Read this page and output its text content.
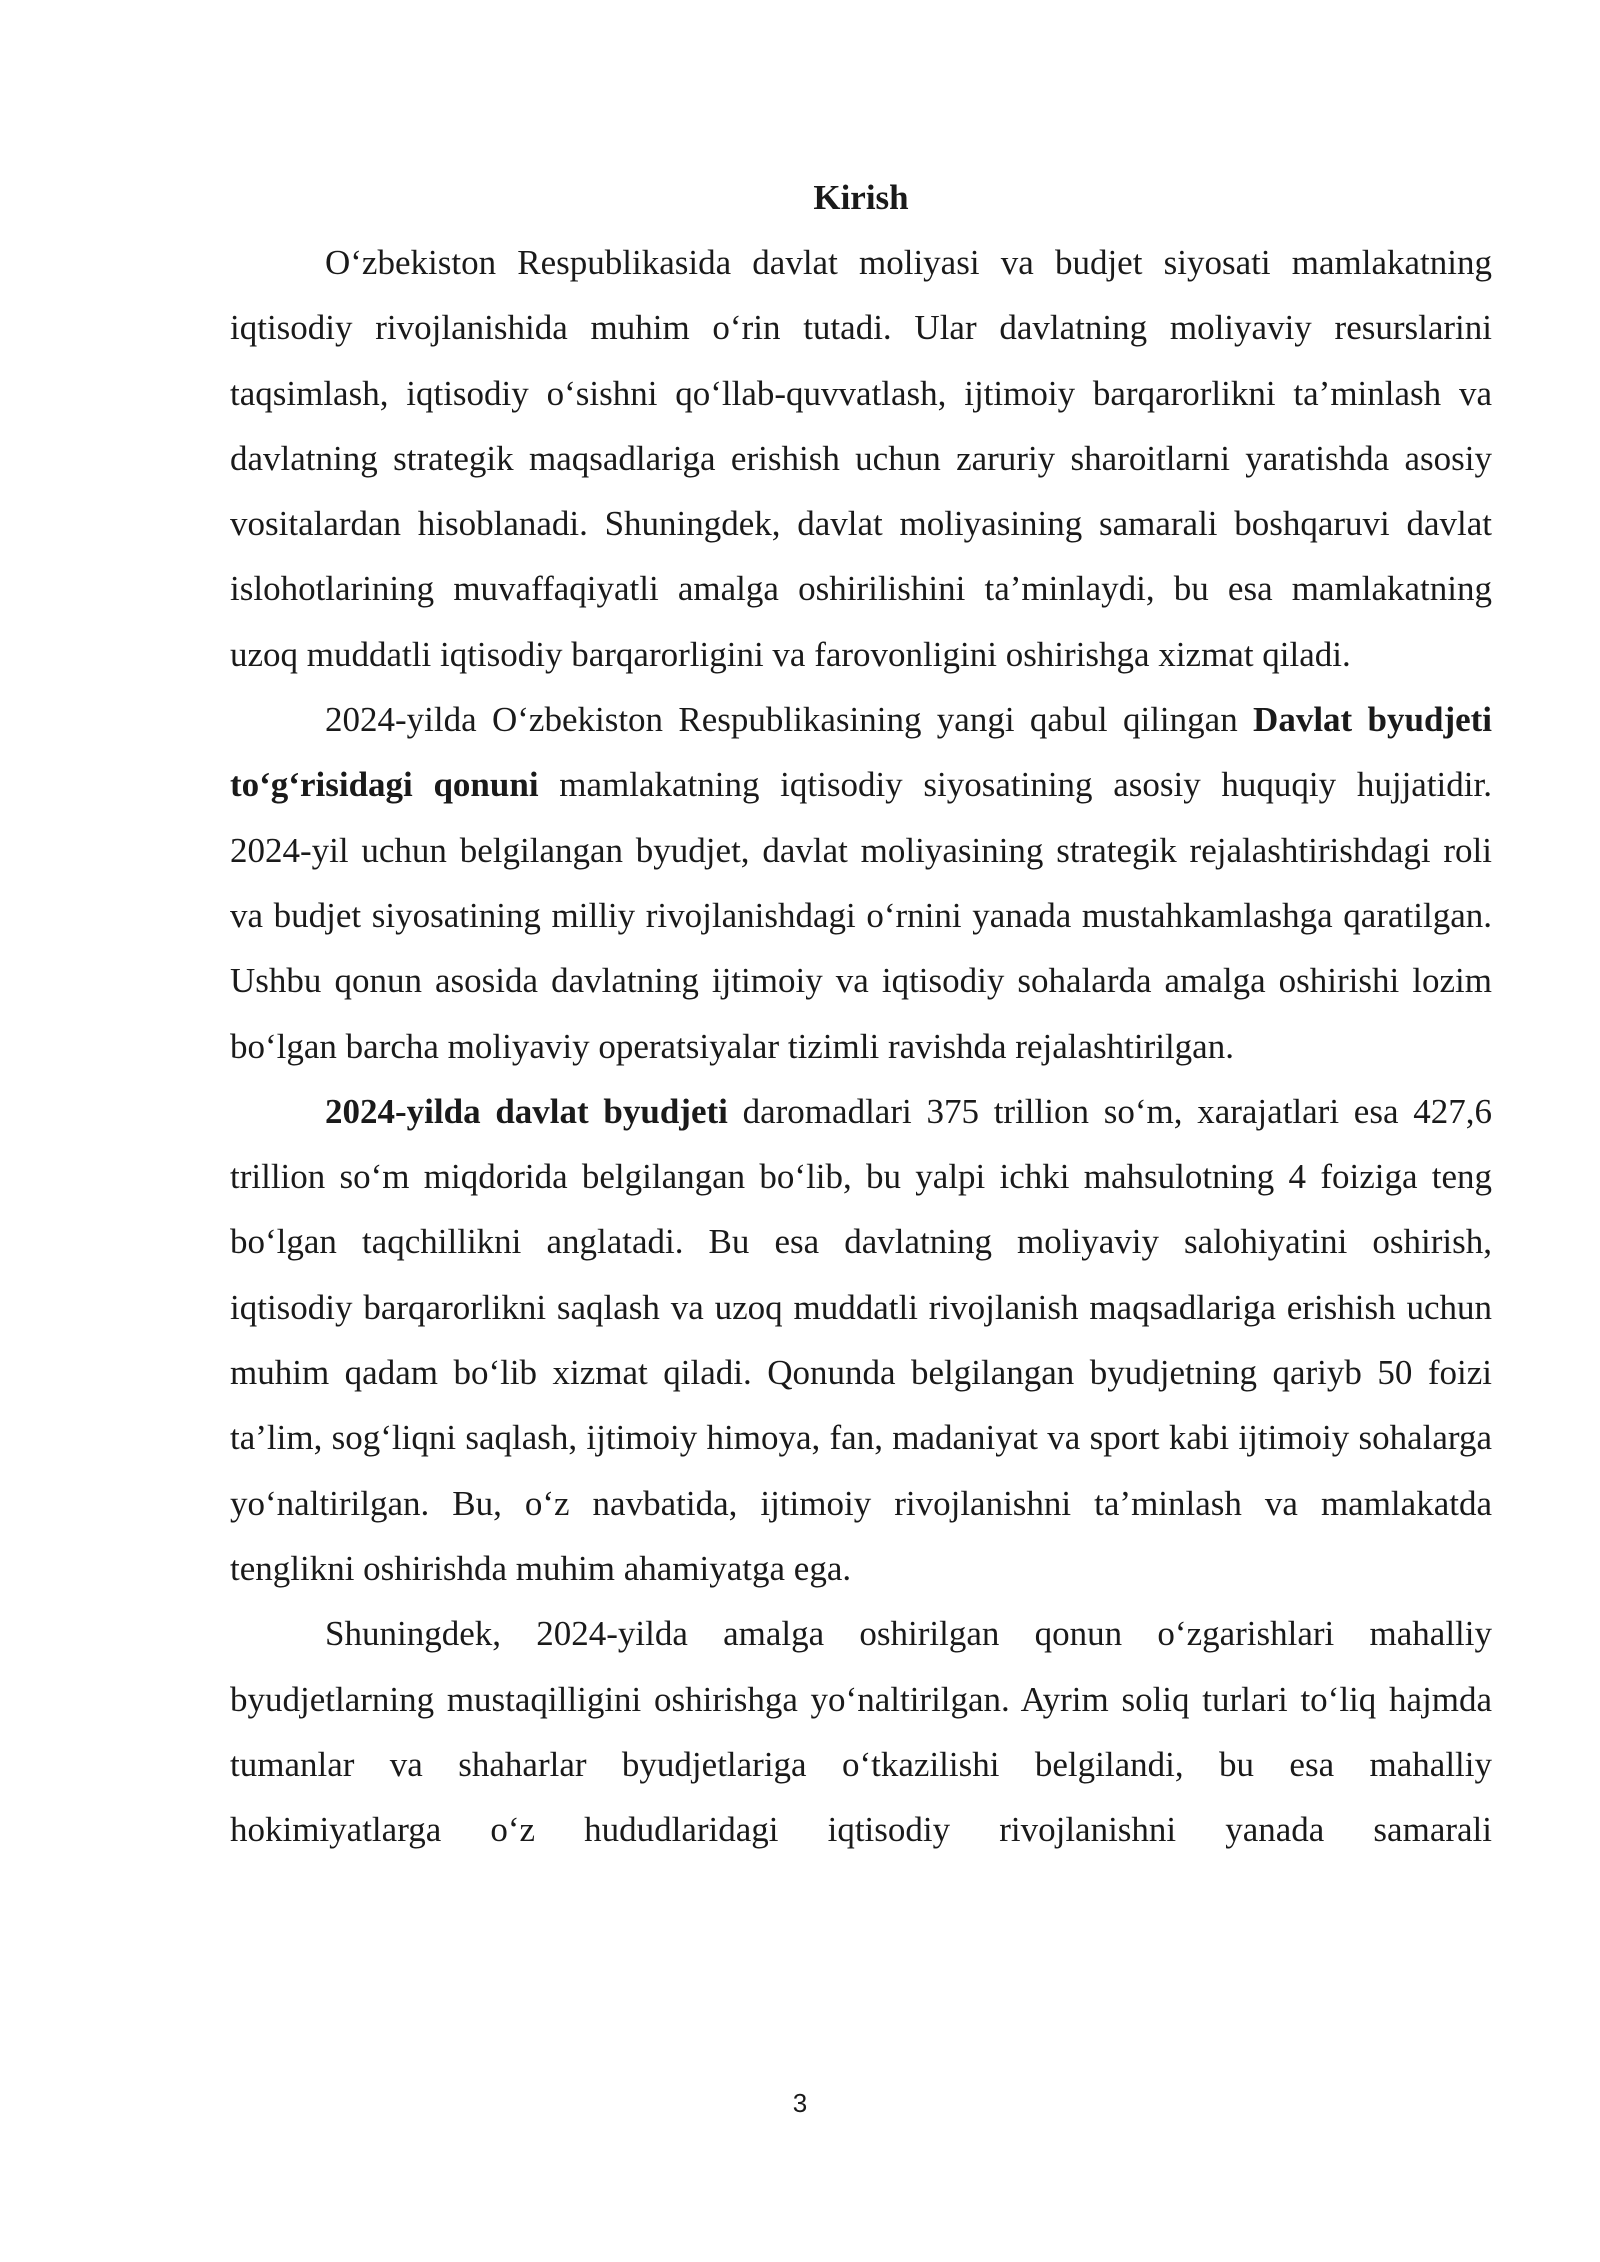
Kirish

O‘zbekiston Respublikasida davlat moliyasi va budjet siyosati mamlakatning iqtisodiy rivojlanishida muhim o‘rin tutadi. Ular davlatning moliyaviy resurslarini taqsimlash, iqtisodiy o‘sishni qo‘llab-quvvatlash, ijtimoiy barqarorlikni ta’minlash va davlatning strategik maqsadlariga erishish uchun zaruriy sharoitlarni yaratishda asosiy vositalardan hisoblanadi. Shuningdek, davlat moliyasining samarali boshqaruvi davlat islohotlarining muvaffaqiyatli amalga oshirilishini ta’minlaydi, bu esa mamlakatning uzoq muddatli iqtisodiy barqarorligini va farovonligini oshirishga xizmat qiladi.

2024-yilda O‘zbekiston Respublikasining yangi qabul qilingan Davlat byudjeti to‘g‘risidagi qonuni mamlakatning iqtisodiy siyosatining asosiy huquqiy hujjatidir. 2024-yil uchun belgilangan byudjet, davlat moliyasining strategik rejalashtirishdagi roli va budjet siyosatining milliy rivojlanishdagi o‘rnini yanada mustahkamlashga qaratilgan. Ushbu qonun asosida davlatning ijtimoiy va iqtisodiy sohalarda amalga oshirishi lozim bo‘lgan barcha moliyaviy operatsiyalar tizimli ravishda rejalashtirilgan.

2024-yilda davlat byudjeti daromadlari 375 trillion so‘m, xarajatlari esa 427,6 trillion so‘m miqdorida belgilangan bo‘lib, bu yalpi ichki mahsulotning 4 foiziga teng bo‘lgan taqchillikni anglatadi. Bu esa davlatning moliyaviy salohiyatini oshirish, iqtisodiy barqarorlikni saqlash va uzoq muddatli rivojlanish maqsadlariga erishish uchun muhim qadam bo‘lib xizmat qiladi. Qonunda belgilangan byudjetning qariyb 50 foizi ta’lim, sog‘liqni saqlash, ijtimoiy himoya, fan, madaniyat va sport kabi ijtimoiy sohalarga yo‘naltirilgan. Bu, o‘z navbatida, ijtimoiy rivojlanishni ta’minlash va mamlakatda tenglikni oshirishda muhim ahamiyatga ega.

Shuningdek, 2024-yilda amalga oshirilgan qonun o‘zgarishlari mahalliy byudjetlarning mustaqilligini oshirishga yo‘naltirilgan. Ayrim soliq turlari to‘liq hajmda tumanlar va shaharlar byudjetlariga o‘tkazilishi belgilandi, bu esa mahalliy hokimiyatlarga o‘z hududlaridagi iqtisodiy rivojlanishni yanada samarali

3
